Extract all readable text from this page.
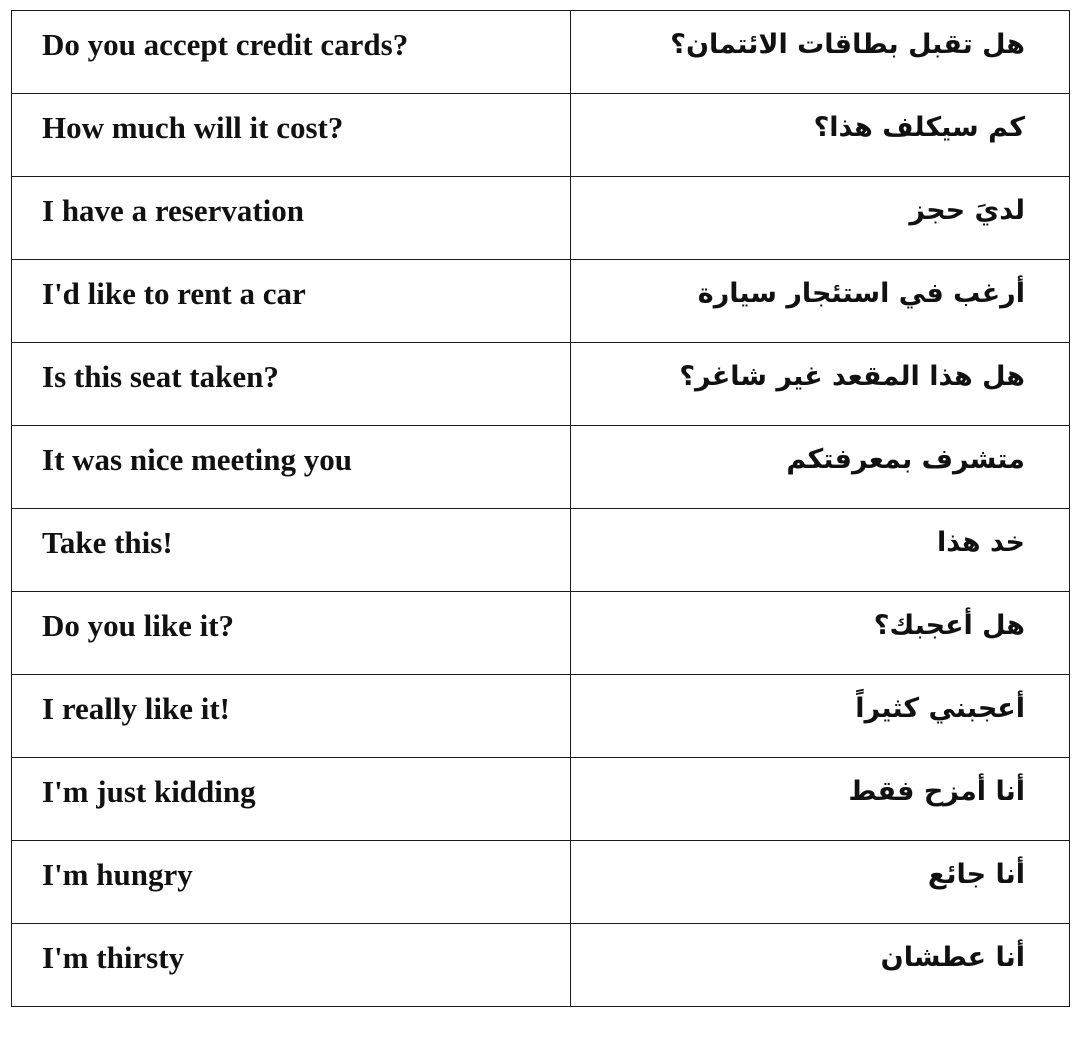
Do you accept credit cards?	هل تقبل بطاقات الائتمان؟

How much will it cost?	كم سيكلف هذا؟

I have a reservation	لديَ حجز

I'd like to rent a car	أرغب في استئجار سيارة

Is this seat taken?	هل هذا المقعد غير شاغر؟

It was nice meeting you	متشرف بمعرفتكم

Take this!	خد هذا

Do you like it?	هل أعجبك؟

I really like it!	أعجبني كثيراً

I'm just kidding	أنا أمزح فقط

I'm hungry	أنا جائع

I'm thirsty	أنا عطشان
